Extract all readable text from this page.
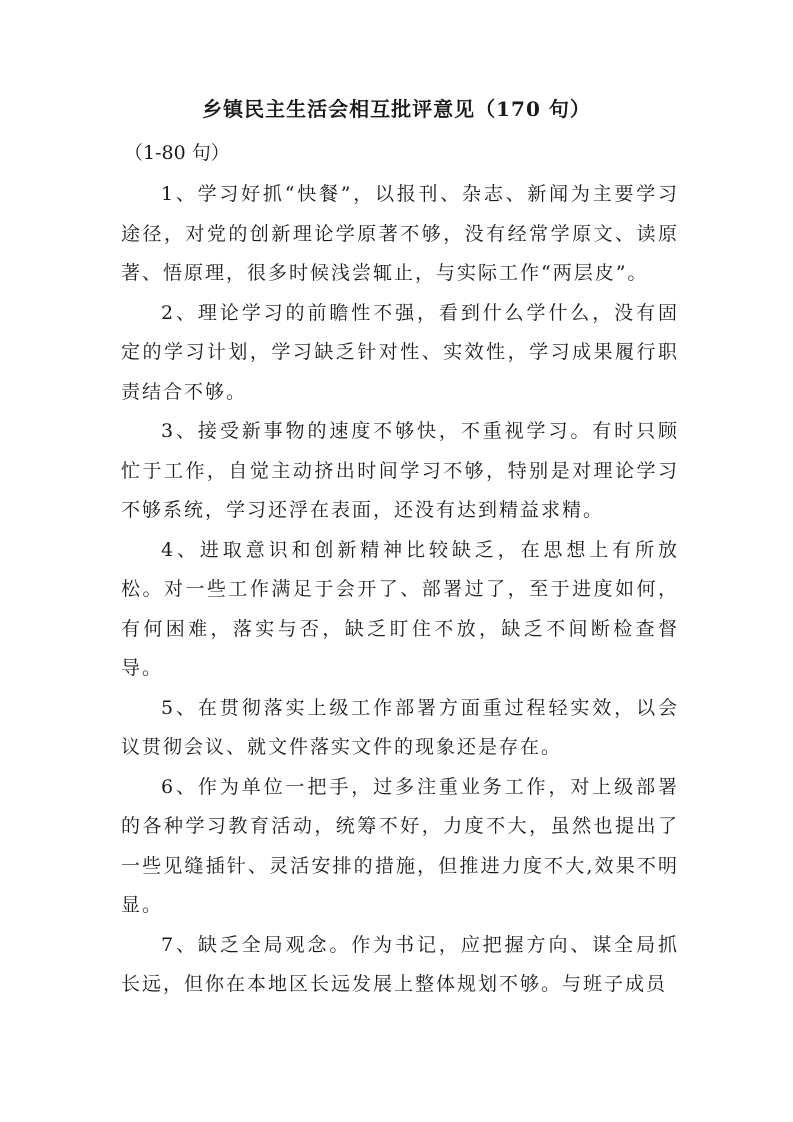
乡镇民主生活会相互批评意见（170 句）
（1-80 句）

1、学习好抓“快餐”，以报刊、杂志、新闻为主要学习途径，对党的创新理论学原著不够，没有经常学原文、读原著、悟原理，很多时候浅尝辄止，与实际工作“两层皮”。

2、理论学习的前瞻性不强，看到什么学什么，没有固定的学习计划，学习缺乏针对性、实效性，学习成果履行职责结合不够。

3、接受新事物的速度不够快，不重视学习。有时只顾忙于工作，自觉主动挤出时间学习不够，特别是对理论学习不够系统，学习还浮在表面，还没有达到精益求精。

4、进取意识和创新精神比较缺乏，在思想上有所放松。对一些工作满足于会开了、部署过了，至于进度如何，有何困难，落实与否，缺乏盯住不放，缺乏不间断检查督导。

5、在贯彻落实上级工作部署方面重过程轻实效，以会议贯彻会议、就文件落实文件的现象还是存在。

6、作为单位一把手，过多注重业务工作，对上级部署的各种学习教育活动，统筹不好，力度不大，虽然也提出了一些见缝插针、灵活安排的措施，但推进力度不大,效果不明显。

7、缺乏全局观念。作为书记，应把握方向、谋全局抓长远，但你在本地区长远发展上整体规划不够。与班子成员
